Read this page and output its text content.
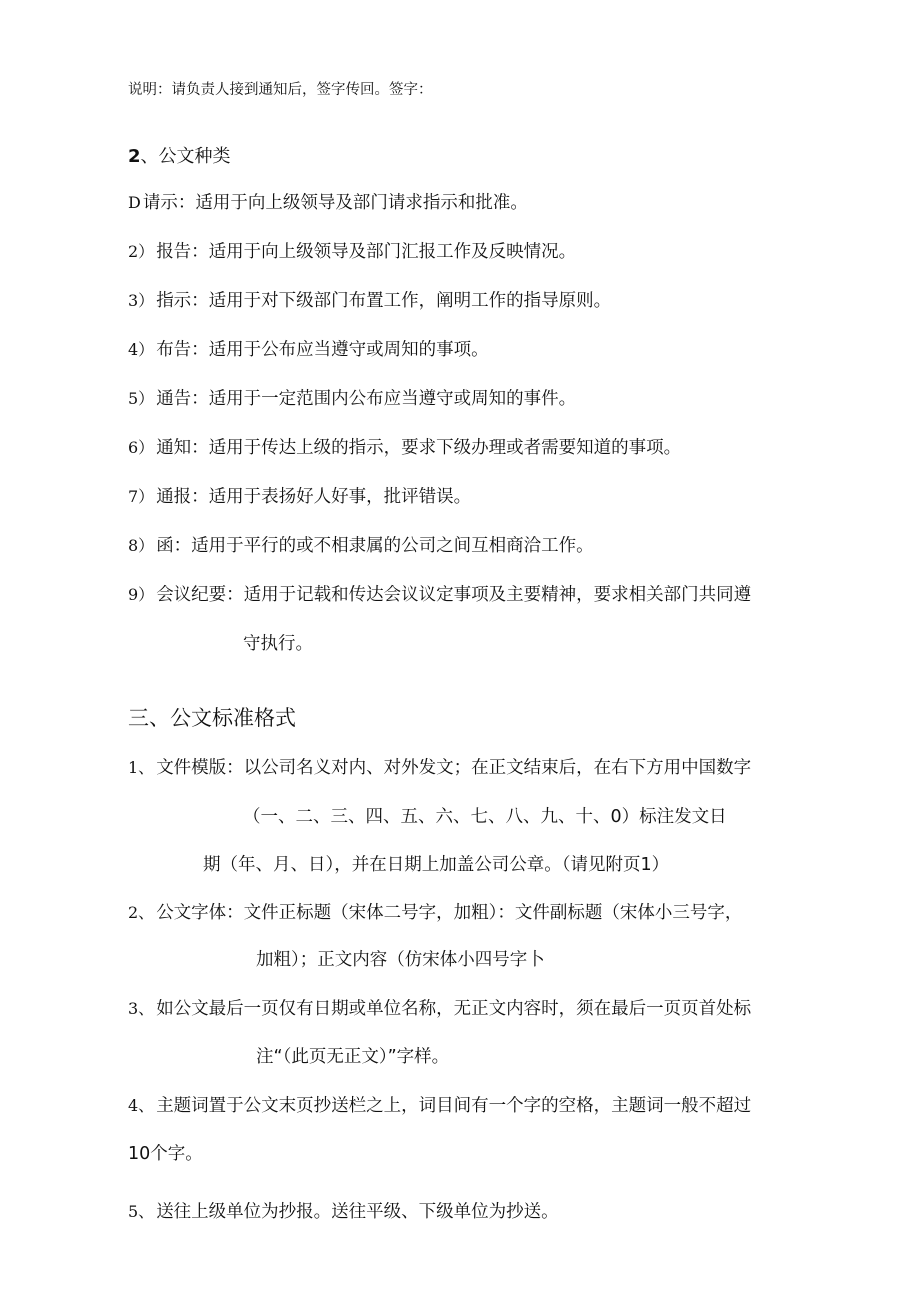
说明：请负责人接到通知后，签字传回。签字：
2、公文种类
D 请示：适用于向上级领导及部门请求指示和批准。
2） 报告：适用于向上级领导及部门汇报工作及反映情况。
3） 指示：适用于对下级部门布置工作，阐明工作的指导原则。
4） 布告：适用于公布应当遵守或周知的事项。
5） 通告：适用于一定范围内公布应当遵守或周知的事件。
6） 通知：适用于传达上级的指示，要求下级办理或者需要知道的事项。
7） 通报：适用于表扬好人好事，批评错误。
8） 函：适用于平行的或不相隶属的公司之间互相商洽工作。
9） 会议纪要：适用于记载和传达会议议定事项及主要精神，要求相关部门共同遵
守执行。
三、公文标准格式
1、 文件模版：以公司名义对内、对外发文；在正文结束后，在右下方用中国数字
（一、二、三、四、五、六、七、八、九、十、0）标注发文日
期（年、月、日），并在日期上加盖公司公章。（请见附页1）
2、 公文字体：文件正标题（宋体二号字，加粗）：文件副标题（宋体小三号字，
加粗）；正文内容（仿宋体小四号字卜
3、 如公文最后一页仅有日期或单位名称，无正文内容时，须在最后一页页首处标
注“（此页无正文）”字样。
4、 主题词置于公文末页抄送栏之上，词目间有一个字的空格，主题词一般不超过
10个字。
5、 送往上级单位为抄报。送往平级、下级单位为抄送。
